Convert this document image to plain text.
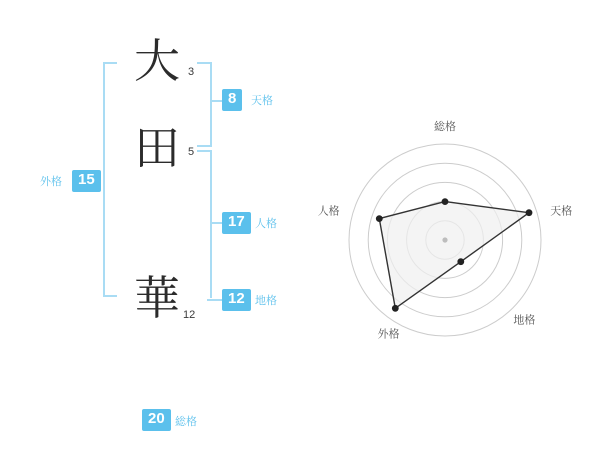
大
田
華
3
5
12
8	天格
17 人格
12 地格
15
外格
20 総格
総格
天格
地格
外格
人格
